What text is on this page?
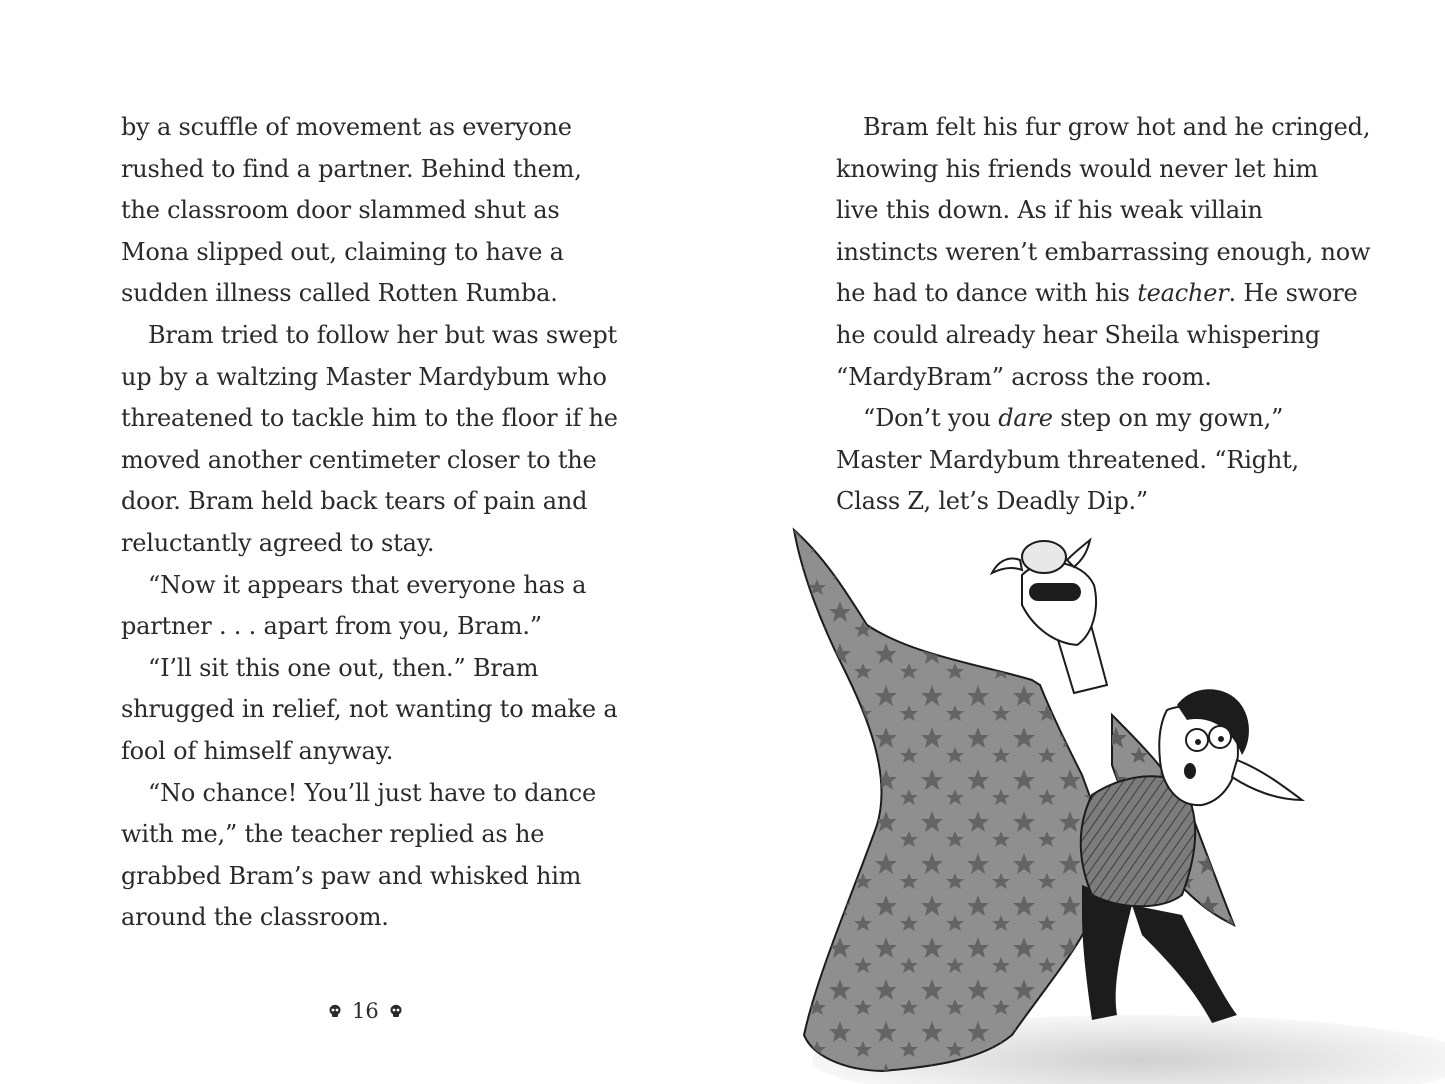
by a scuffle of movement as everyone
rushed to find a partner. Behind them,
the classroom door slammed shut as
Mona slipped out, claiming to have a
sudden illness called Rotten Rumba.
Bram tried to follow her but was swept
up by a waltzing Master Mardybum who
threatened to tackle him to the floor if he
moved another centimeter closer to the
door. Bram held back tears of pain and
reluctantly agreed to stay.
“Now it appears that everyone has a
partner . . . apart from you, Bram.”
“I’ll sit this one out, then.” Bram
shrugged in relief, not wanting to make a
fool of himself anyway.
“No chance! You’ll just have to dance
with me,” the teacher replied as he
grabbed Bram’s paw and whisked him
around the classroom.
16
Bram felt his fur grow hot and he cringed,
knowing his friends would never let him
live this down. As if his weak villain
instincts weren’t embarrassing enough, now
he had to dance with his teacher. He swore
he could already hear Sheila whispering
“MardyBram” across the room.
“Don’t you dare step on my gown,”
Master Mardybum threatened. “Right,
Class Z, let’s Deadly Dip.”
